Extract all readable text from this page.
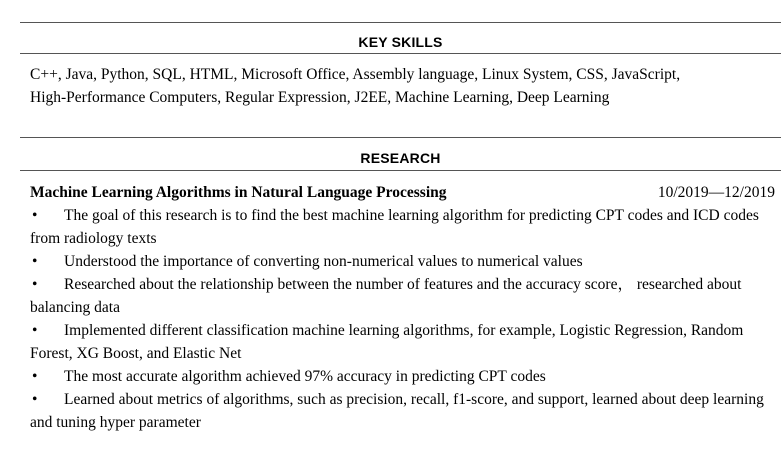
KEY SKILLS
C++, Java, Python, SQL, HTML, Microsoft Office, Assembly language, Linux System, CSS, JavaScript,
High-Performance Computers, Regular Expression, J2EE, Machine Learning, Deep Learning
RESEARCH
Machine Learning Algorithms in Natural Language Processing	10/2019—12/2019
• The goal of this research is to find the best machine learning algorithm for predicting CPT codes and ICD codes from radiology texts
• Understood the importance of converting non-numerical values to numerical values
• Researched about the relationship between the number of features and the accuracy score， researched about balancing data
• Implemented different classification machine learning algorithms, for example, Logistic Regression, Random Forest, XG Boost, and Elastic Net
• The most accurate algorithm achieved 97% accuracy in predicting CPT codes
• Learned about metrics of algorithms, such as precision, recall, f1-score, and support, learned about deep learning and tuning hyper parameter
